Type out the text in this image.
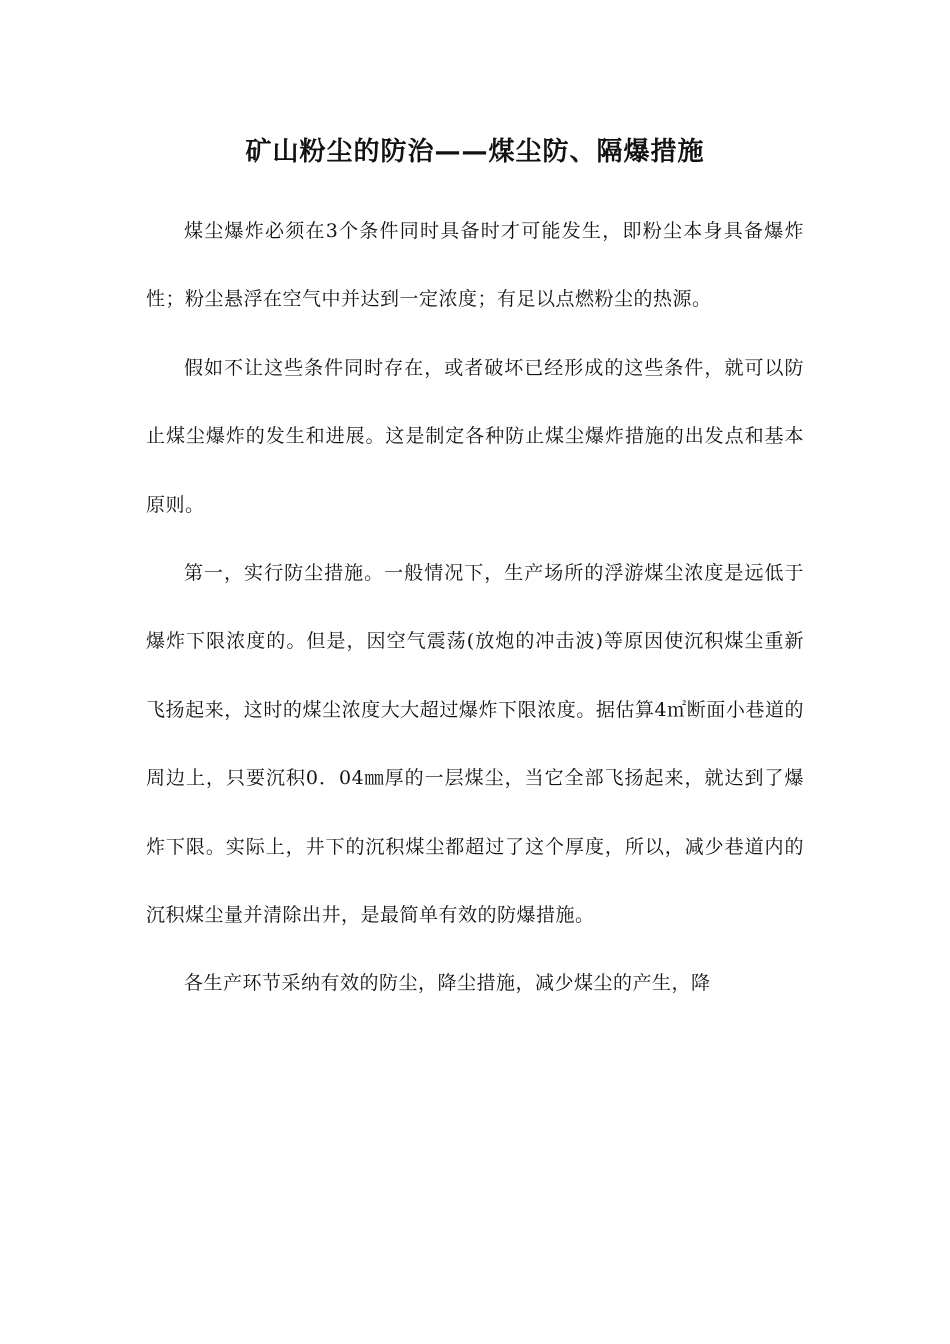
矿山粉尘的防治——煤尘防、隔爆措施

煤尘爆炸必须在3个条件同时具备时才可能发生，即粉尘本身具备爆炸性；粉尘悬浮在空气中并达到一定浓度；有足以点燃粉尘的热源。

假如不让这些条件同时存在，或者破坏已经形成的这些条件，就可以防止煤尘爆炸的发生和进展。这是制定各种防止煤尘爆炸措施的出发点和基本原则。

第一，实行防尘措施。一般情况下，生产场所的浮游煤尘浓度是远低于爆炸下限浓度的。但是，因空气震荡(放炮的冲击波)等原因使沉积煤尘重新飞扬起来，这时的煤尘浓度大大超过爆炸下限浓度。据估算4㎡断面小巷道的周边上，只要沉积0．04㎜厚的一层煤尘，当它全部飞扬起来，就达到了爆炸下限。实际上，井下的沉积煤尘都超过了这个厚度，所以，减少巷道内的沉积煤尘量并清除出井，是最简单有效的防爆措施。

各生产环节采纳有效的防尘，降尘措施，减少煤尘的产生，降
